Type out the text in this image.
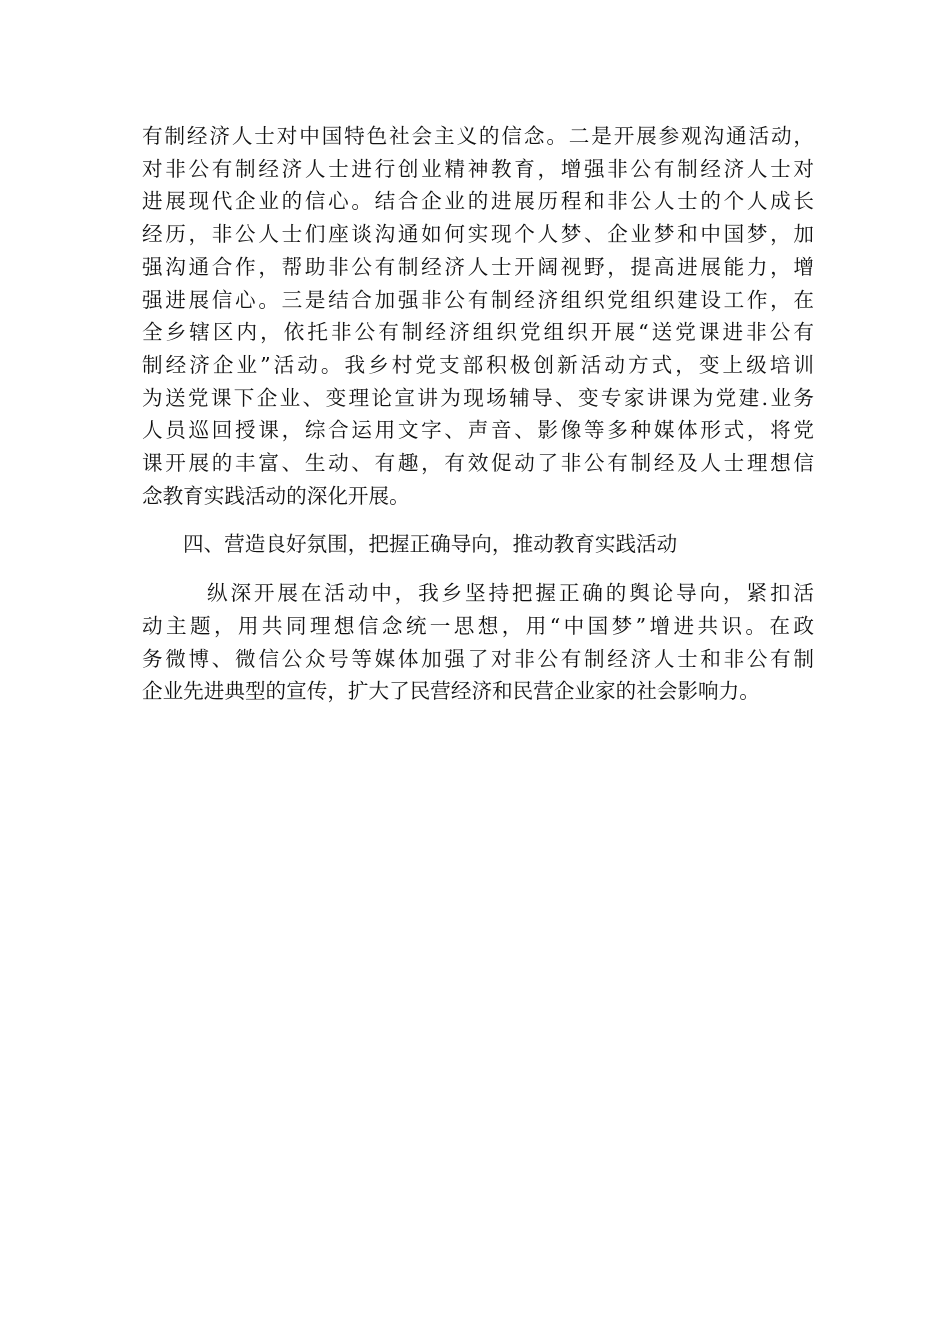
有制经济人士对中国特色社会主义的信念。二是开展参观沟通活动，
对非公有制经济人士进行创业精神教育，增强非公有制经济人士对
进展现代企业的信心。结合企业的进展历程和非公人士的个人成长
经历，非公人士们座谈沟通如何实现个人梦、企业梦和中国梦，加
强沟通合作，帮助非公有制经济人士开阔视野，提高进展能力，增
强进展信心。三是结合加强非公有制经济组织党组织建设工作，在
全乡辖区内，依托非公有制经济组织党组织开展“送党课进非公有
制经济企业”活动。我乡村党支部积极创新活动方式，变上级培训
为送党课下企业、变理论宣讲为现场辅导、变专家讲课为党建.业务
人员巡回授课，综合运用文字、声音、影像等多种媒体形式，将党
课开展的丰富、生动、有趣，有效促动了非公有制经及人士理想信
念教育实践活动的深化开展。
四、营造良好氛围，把握正确导向，推动教育实践活动
纵深开展在活动中，我乡坚持把握正确的舆论导向，紧扣活
动主题，用共同理想信念统一思想，用“中国梦”增进共识。在政
务微博、微信公众号等媒体加强了对非公有制经济人士和非公有制
企业先进典型的宣传，扩大了民营经济和民营企业家的社会影响力。
